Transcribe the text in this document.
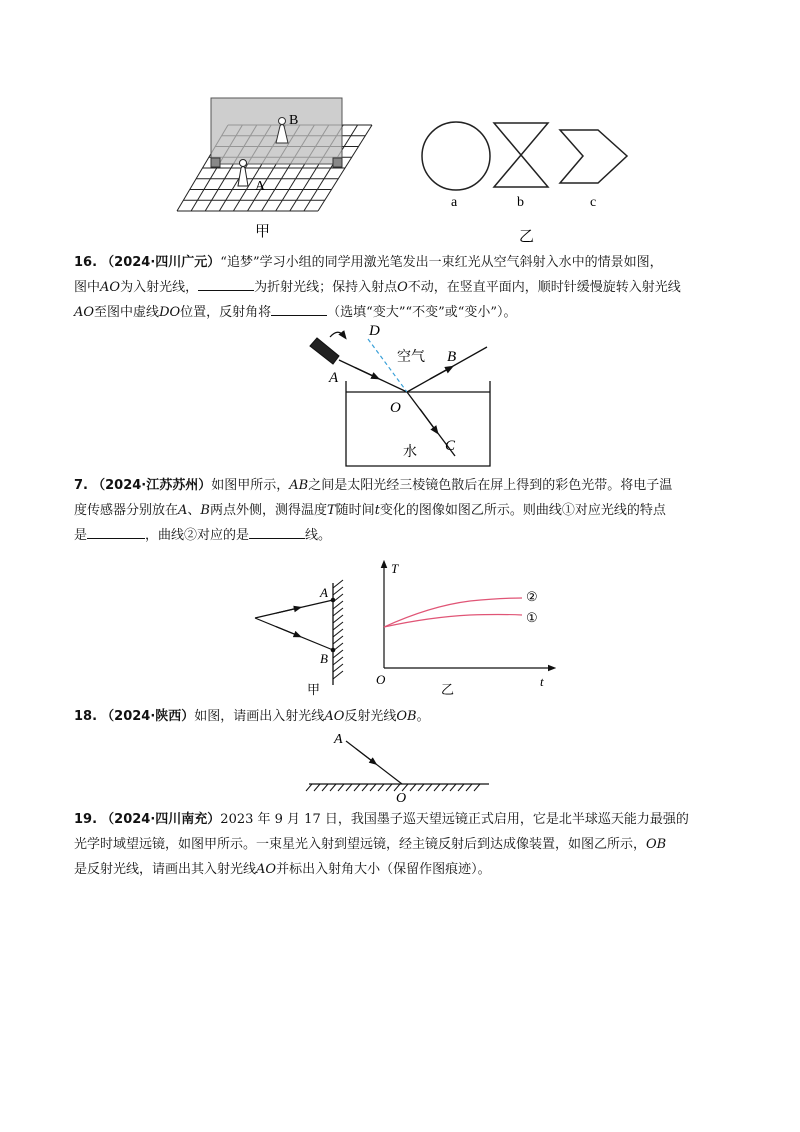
B
A
甲
a	b	c
乙
16. （2024·四川广元）“追梦”学习小组的同学用激光笔发出一束红光从空气斜射入水中的情景如图，
图中AO为入射光线，	为折射光线；保持入射点O不动，在竖直平面内，顺时针缓慢旋转入射光线
AO至图中虚线DO位置，反射角将	（选填“变大”“不变”或“变小”）。
D
空气 B
A
O
水 C
7. （2024·江苏苏州）如图甲所示，AB之间是太阳光经三棱镜色散后在屏上得到的彩色光带。将电子温
度传感器分别放在A、B两点外侧，测得温度T随时间t变化的图像如图乙所示。则曲线①对应光线的特点
是	，曲线②对应的是	线。
A
B
甲
T
O	t
乙
②
①
18. （2024·陕西）如图，请画出入射光线AO反射光线OB。
A
O
19. （2024·四川南充）2023 年 9 月 17 日，我国墨子巡天望远镜正式启用，它是北半球巡天能力最强的
光学时域望远镜，如图甲所示。一束星光入射到望远镜，经主镜反射后到达成像装置，如图乙所示，OB
是反射光线，请画出其入射光线AO并标出入射角大小（保留作图痕迹）。
